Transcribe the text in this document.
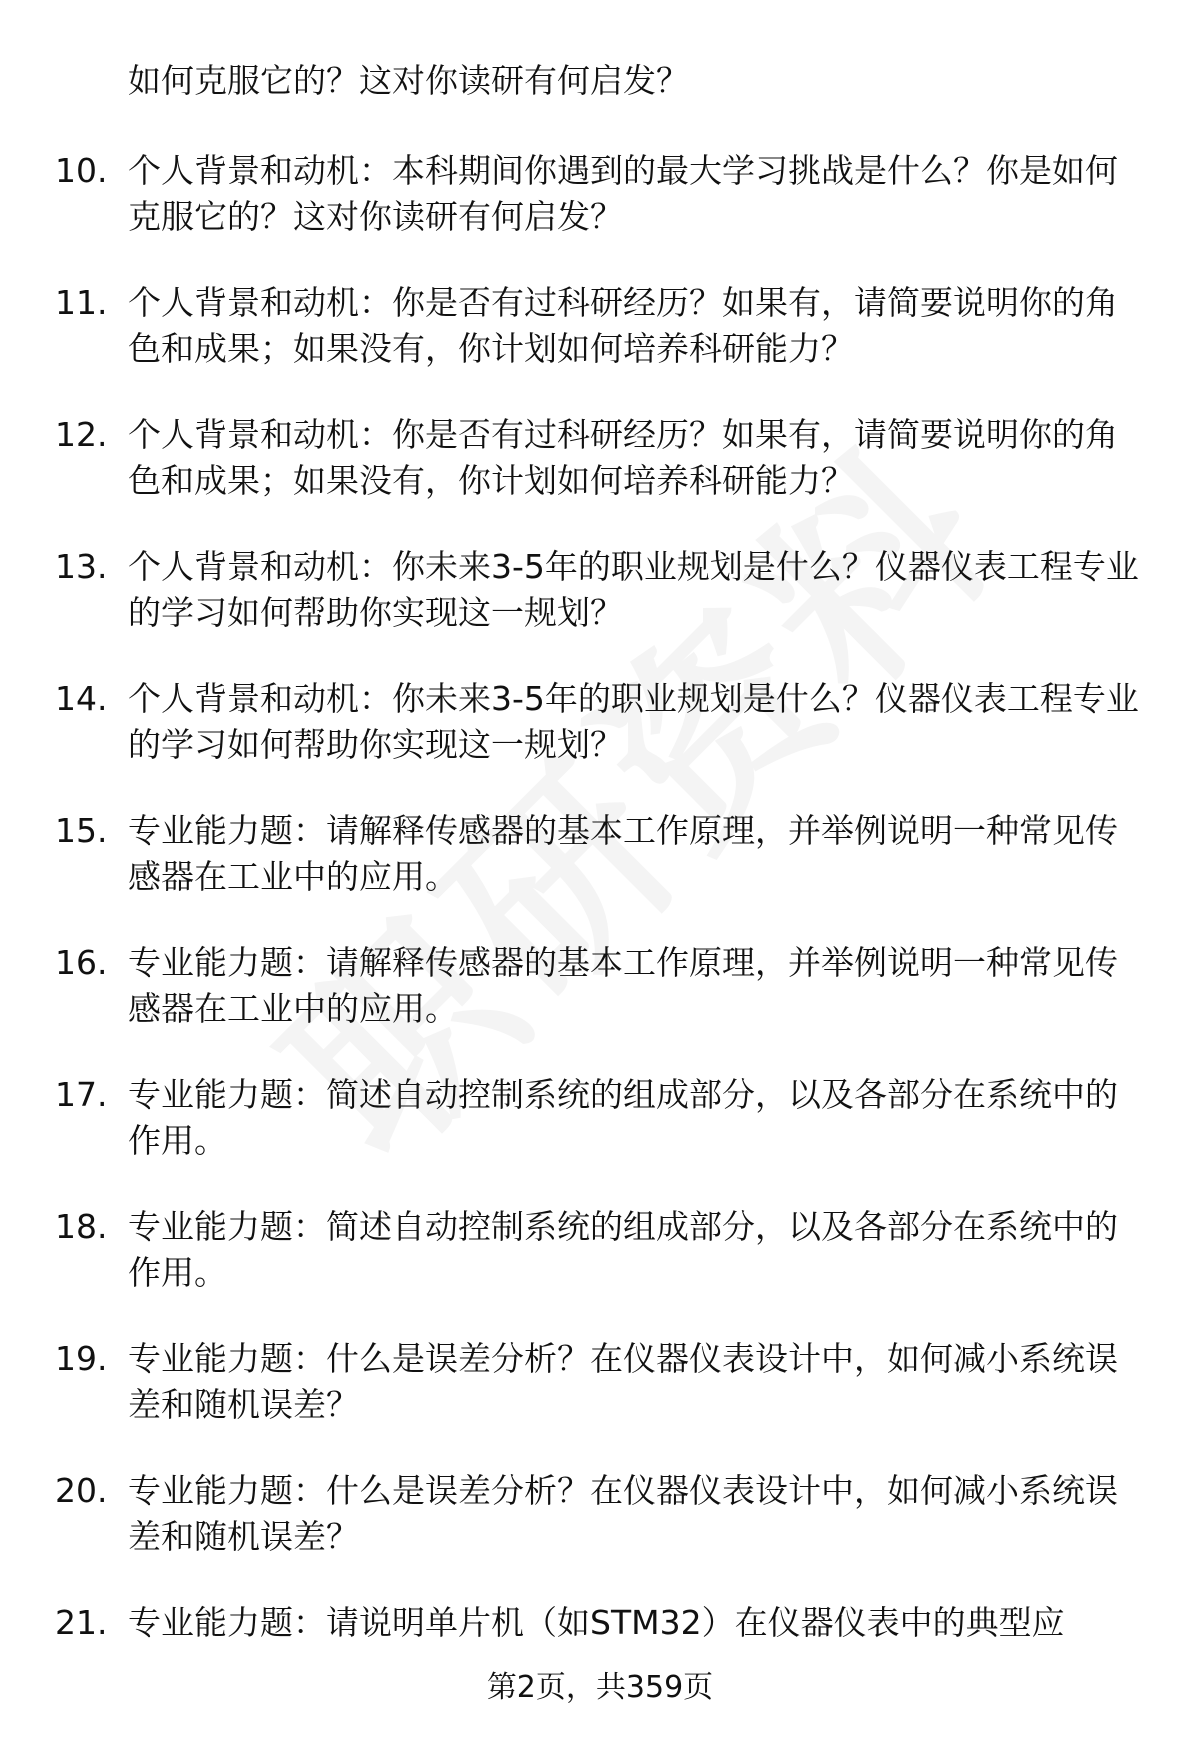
如何克服它的？这对你读研有何启发？
10. 个人背景和动机：本科期间你遇到的最大学习挑战是什么？你是如何克服它的？这对你读研有何启发？
11. 个人背景和动机：你是否有过科研经历？如果有，请简要说明你的角色和成果；如果没有，你计划如何培养科研能力？
12. 个人背景和动机：你是否有过科研经历？如果有，请简要说明你的角色和成果；如果没有，你计划如何培养科研能力？
13. 个人背景和动机：你未来3-5年的职业规划是什么？仪器仪表工程专业的学习如何帮助你实现这一规划？
14. 个人背景和动机：你未来3-5年的职业规划是什么？仪器仪表工程专业的学习如何帮助你实现这一规划？
15. 专业能力题：请解释传感器的基本工作原理，并举例说明一种常见传感器在工业中的应用。
16. 专业能力题：请解释传感器的基本工作原理，并举例说明一种常见传感器在工业中的应用。
17. 专业能力题：简述自动控制系统的组成部分，以及各部分在系统中的作用。
18. 专业能力题：简述自动控制系统的组成部分，以及各部分在系统中的作用。
19. 专业能力题：什么是误差分析？在仪器仪表设计中，如何减小系统误差和随机误差？
20. 专业能力题：什么是误差分析？在仪器仪表设计中，如何减小系统误差和随机误差？
21. 专业能力题：请说明单片机（如STM32）在仪器仪表中的典型应
第2页，共359页
